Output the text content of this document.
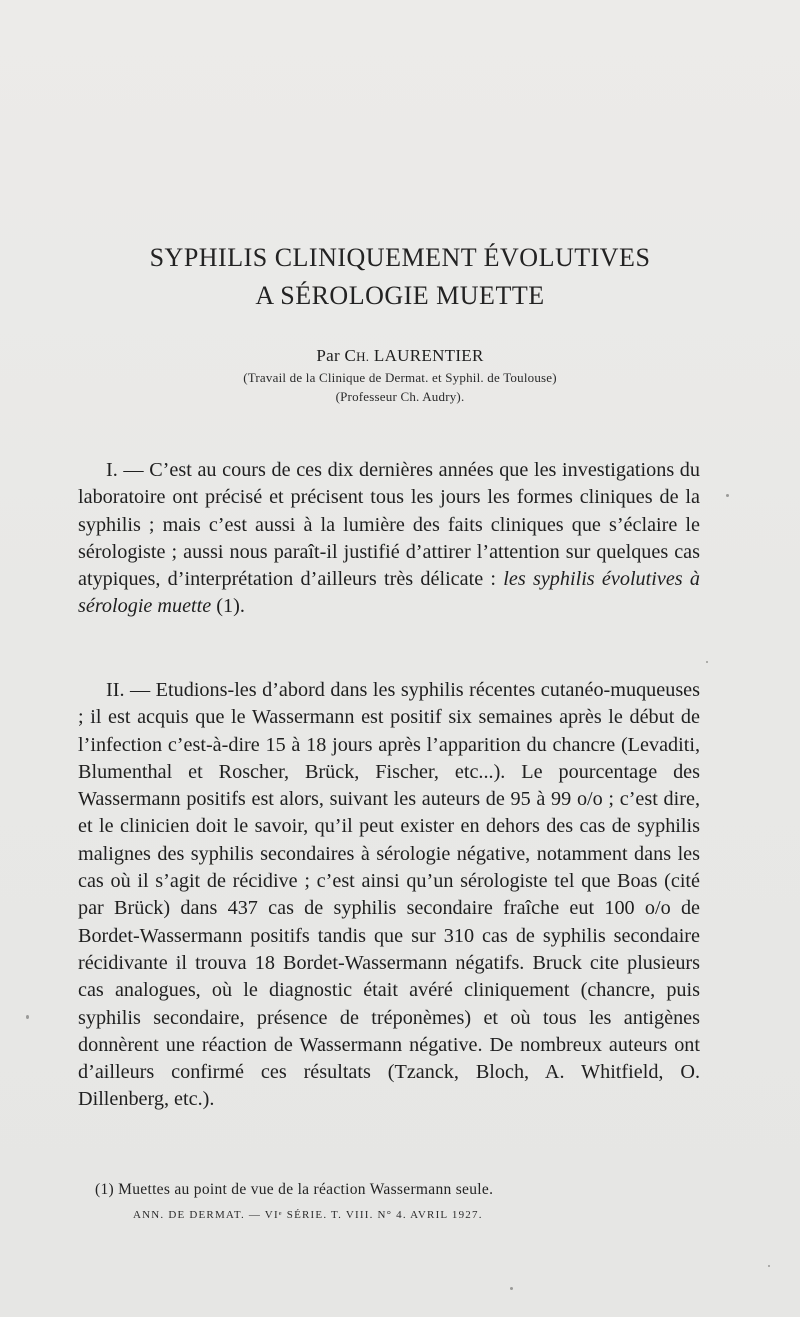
SYPHILIS CLINIQUEMENT ÉVOLUTIVES
A SÉROLOGIE MUETTE
Par CH. LAURENTIER
(Travail de la Clinique de Dermat. et Syphil. de Toulouse)
(Professeur Ch. Audry).

I. — C’est au cours de ces dix dernières années que les investigations du laboratoire ont précisé et précisent tous les jours les formes cliniques de la syphilis ; mais c’est aussi à la lumière des faits cliniques que s’éclaire le sérologiste ; aussi nous paraît-il justifié d’attirer l’attention sur quelques cas atypiques, d’interprétation d’ailleurs très délicate : les syphilis évolutives à sérologie muette (1).

II. — Etudions-les d’abord dans les syphilis récentes cutanéo-muqueuses ; il est acquis que le Wassermann est positif six semaines après le début de l’infection c’est-à-dire 15 à 18 jours après l’apparition du chancre (Levaditi, Blumenthal et Roscher, Brück, Fischer, etc...). Le pourcentage des Wassermann positifs est alors, suivant les auteurs de 95 à 99 o/o ; c’est dire, et le clinicien doit le savoir, qu’il peut exister en dehors des cas de syphilis malignes des syphilis secondaires à sérologie négative, notamment dans les cas où il s’agit de récidive ; c’est ainsi qu’un sérologiste tel que Boas (cité par Brück) dans 437 cas de syphilis secondaire fraîche eut 100 o/o de Bordet-Wassermann positifs tandis que sur 310 cas de syphilis secondaire récidivante il trouva 18 Bordet-Wassermann négatifs. Bruck cite plusieurs cas analogues, où le diagnostic était avéré cliniquement (chancre, puis syphilis secondaire, présence de tréponèmes) et où tous les antigènes donnèrent une réaction de Wassermann négative. De nombreux auteurs ont d’ailleurs confirmé ces résultats (Tzanck, Bloch, A. Whitfield, O. Dillenberg, etc.).

(1) Muettes au point de vue de la réaction Wassermann seule.
ANN. DE DERMAT. — VIᵉ SÉRIE. T. VIII. N° 4. AVRIL 1927.
